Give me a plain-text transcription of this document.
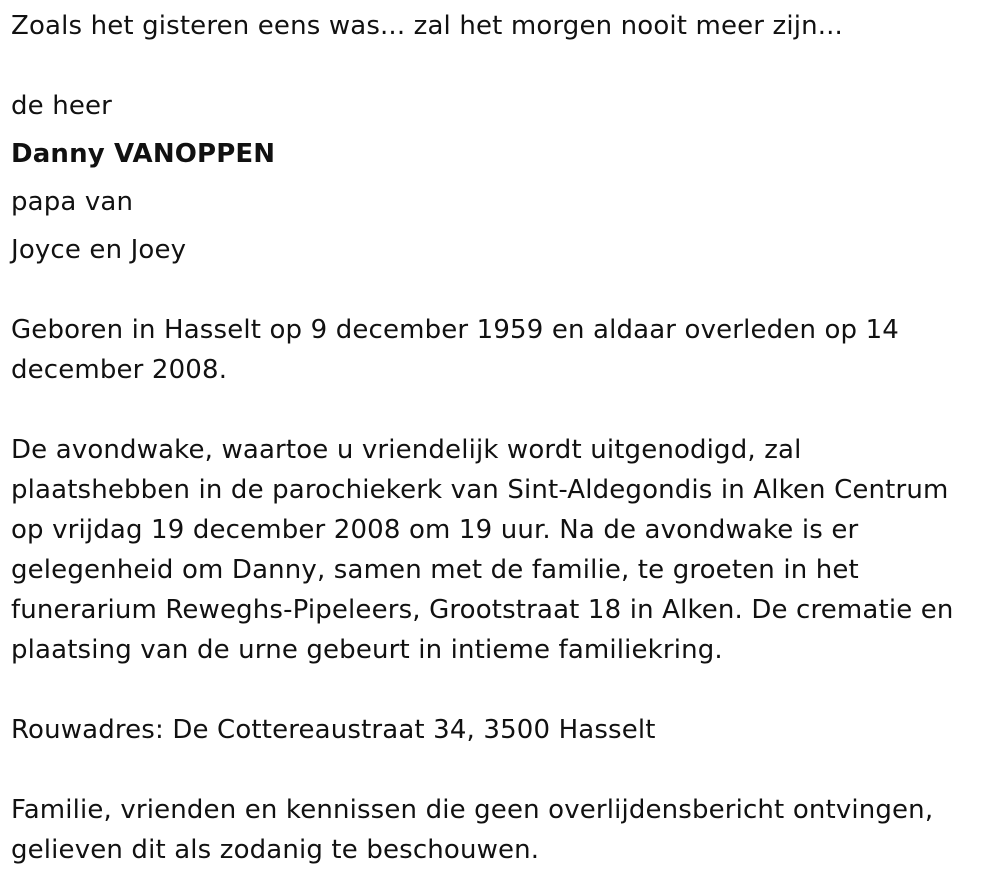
Zoals het gisteren eens was... zal het morgen nooit meer zijn...
de heer
Danny VANOPPEN
papa van
Joyce en Joey
Geboren in Hasselt op 9 december 1959 en aldaar overleden op 14 december 2008.
De avondwake, waartoe u vriendelijk wordt uitgenodigd, zal plaatshebben in de parochiekerk van Sint-Aldegondis in Alken Centrum op vrijdag 19 december 2008 om 19 uur. Na de avondwake is er gelegenheid om Danny, samen met de familie, te groeten in het funerarium Reweghs-Pipeleers, Grootstraat 18 in Alken. De crematie en plaatsing van de urne gebeurt in intieme familiekring.
Rouwadres: De Cottereaustraat 34, 3500 Hasselt
Familie, vrienden en kennissen die geen overlijdensbericht ontvingen, gelieven dit als zodanig te beschouwen.
